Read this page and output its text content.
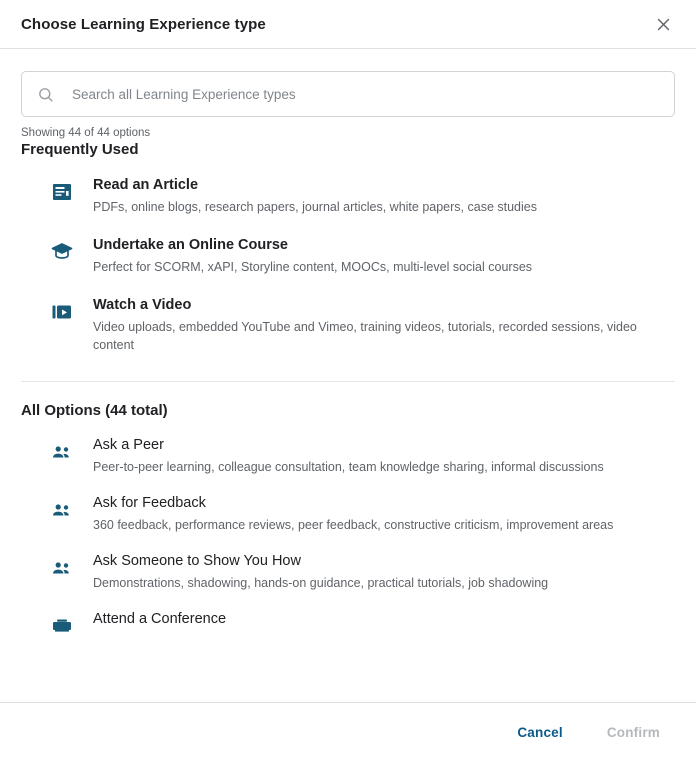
Choose Learning Experience type
Search all Learning Experience types
Showing 44 of 44 options
Frequently Used
Read an Article
PDFs, online blogs, research papers, journal articles, white papers, case studies
Undertake an Online Course
Perfect for SCORM, xAPI, Storyline content, MOOCs, multi-level social courses
Watch a Video
Video uploads, embedded YouTube and Vimeo, training videos, tutorials, recorded sessions, video content
All Options (44 total)
Ask a Peer
Peer-to-peer learning, colleague consultation, team knowledge sharing, informal discussions
Ask for Feedback
360 feedback, performance reviews, peer feedback, constructive criticism, improvement areas
Ask Someone to Show You How
Demonstrations, shadowing, hands-on guidance, practical tutorials, job shadowing
Attend a Conference
Cancel	Confirm
